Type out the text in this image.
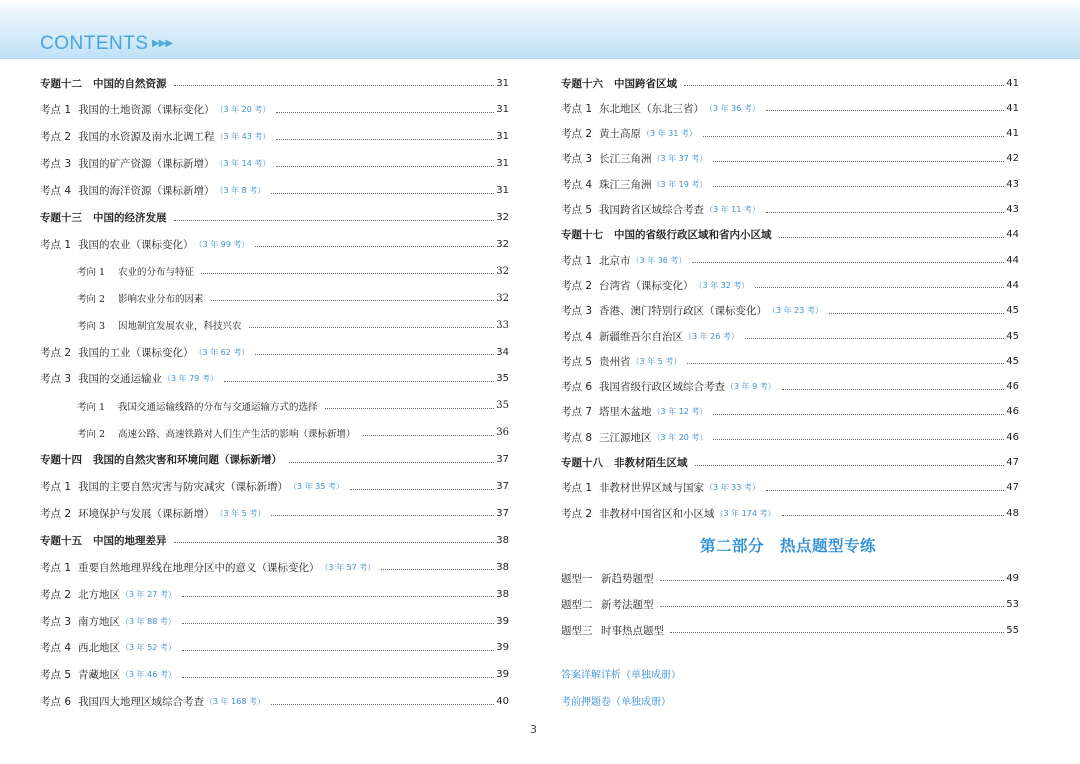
CONTENTS ▶▶▶
专题十二	中国的自然资源	31
考点 1 我国的土地资源（课标变化） （3 年 20 考）	31
考点 2 我国的水资源及南水北调工程 （3 年 43 考）	31
考点 3 我国的矿产资源（课标新增） （3 年 14 考）	31
考点 4 我国的海洋资源（课标新增） （3 年 8 考）	31
专题十三	中国的经济发展	32
考点 1 我国的农业（课标变化） （3 年 99 考）	32
考向 1	农业的分布与特征	32
考向 2	影响农业分布的因素	32
考向 3	因地制宜发展农业，科技兴农	33
考点 2 我国的工业（课标变化） （3 年 62 考）	34
考点 3 我国的交通运输业 （3 年 79 考）	35
考向 1	我国交通运输线路的分布与交通运输方式的选择	35
考向 2	高速公路、高速铁路对人们生产生活的影响（课标新增）	36
专题十四	我国的自然灾害和环境问题（课标新增）	37
考点 1 我国的主要自然灾害与防灾减灾（课标新增） （3 年 35 考）	37
考点 2 环境保护与发展（课标新增） （3 年 5 考）	37
专题十五	中国的地理差异	38
考点 1 重要自然地理界线在地理分区中的意义（课标变化） （3 年 57 考）	38
考点 2 北方地区 （3 年 27 考）	38
考点 3 南方地区 （3 年 88 考）	39
考点 4 西北地区 （3 年 52 考）	39
考点 5 青藏地区 （3 年 46 考）	39
考点 6 我国四大地理区域综合考查 （3 年 168 考）	40
第二部分　热点题型专练
题型一 新趋势题型	49
题型二 新考法题型	53
题型三 时事热点题型	55
答案详解详析（单独成册）
考前押题卷（单独成册）
专题十六	中国跨省区域	41
考点 1 东北地区（东北三省） （3 年 36 考）	41
考点 2 黄土高原 （3 年 31 考）	41
考点 3 长江三角洲 （3 年 37 考）	42
考点 4 珠江三角洲 （3 年 19 考）	43
考点 5 我国跨省区域综合考查 （3 年 11 考）	43
专题十七	中国的省级行政区域和省内小区域	44
考点 1 北京市 （3 年 36 考）	44
考点 2 台湾省（课标变化） （3 年 32 考）	44
考点 3 香港、澳门特别行政区（课标变化） （3 年 23 考）	45
考点 4 新疆维吾尔自治区 （3 年 26 考）	45
考点 5 贵州省 （3 年 5 考）	45
考点 6 我国省级行政区域综合考查 （3 年 9 考）	46
考点 7 塔里木盆地 （3 年 12 考）	46
考点 8 三江源地区 （3 年 20 考）	46
专题十八	非教材陌生区域	47
考点 1 非教材世界区域与国家 （3 年 33 考）	47
考点 2 非教材中国省区和小区域 （3 年 174 考）	48
3
